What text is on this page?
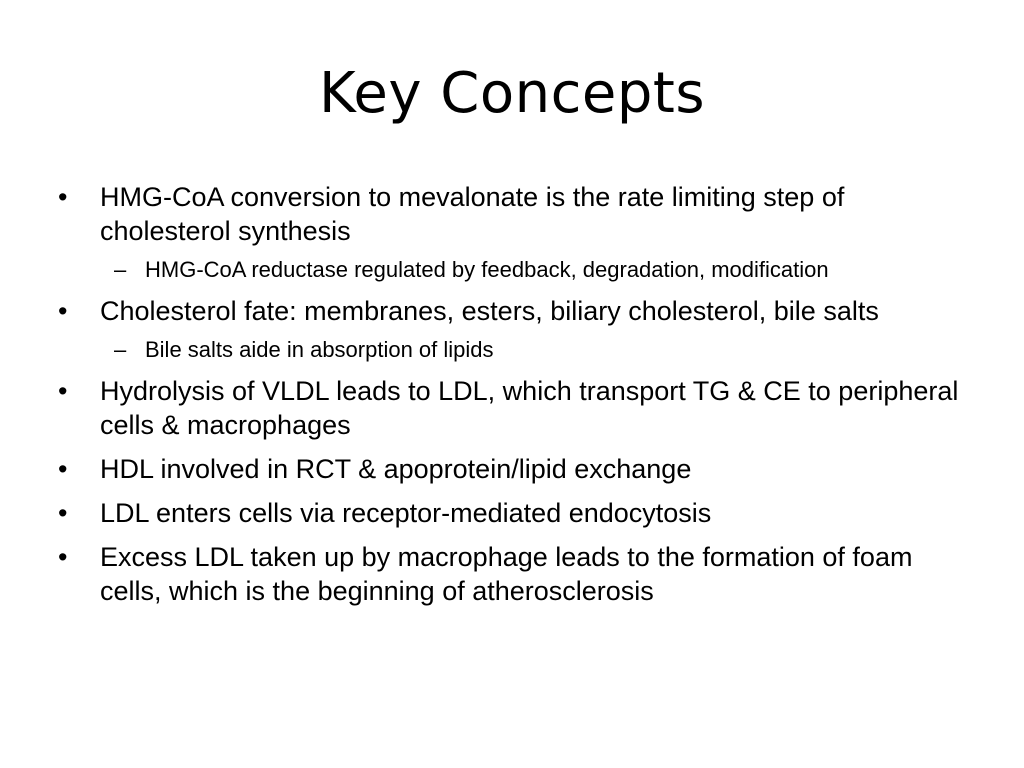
Key Concepts
•	HMG-CoA conversion to mevalonate is the rate limiting step of cholesterol synthesis
– HMG-CoA reductase regulated by feedback, degradation, modification
•	Cholesterol fate: membranes, esters, biliary cholesterol, bile salts
– Bile salts aide in absorption of lipids
•	Hydrolysis of VLDL leads to LDL, which transport TG & CE to peripheral cells & macrophages
•	HDL involved in RCT & apoprotein/lipid exchange
•	LDL enters cells via receptor-mediated endocytosis
•	Excess LDL taken up by macrophage leads to the formation of foam cells, which is the beginning of atherosclerosis
